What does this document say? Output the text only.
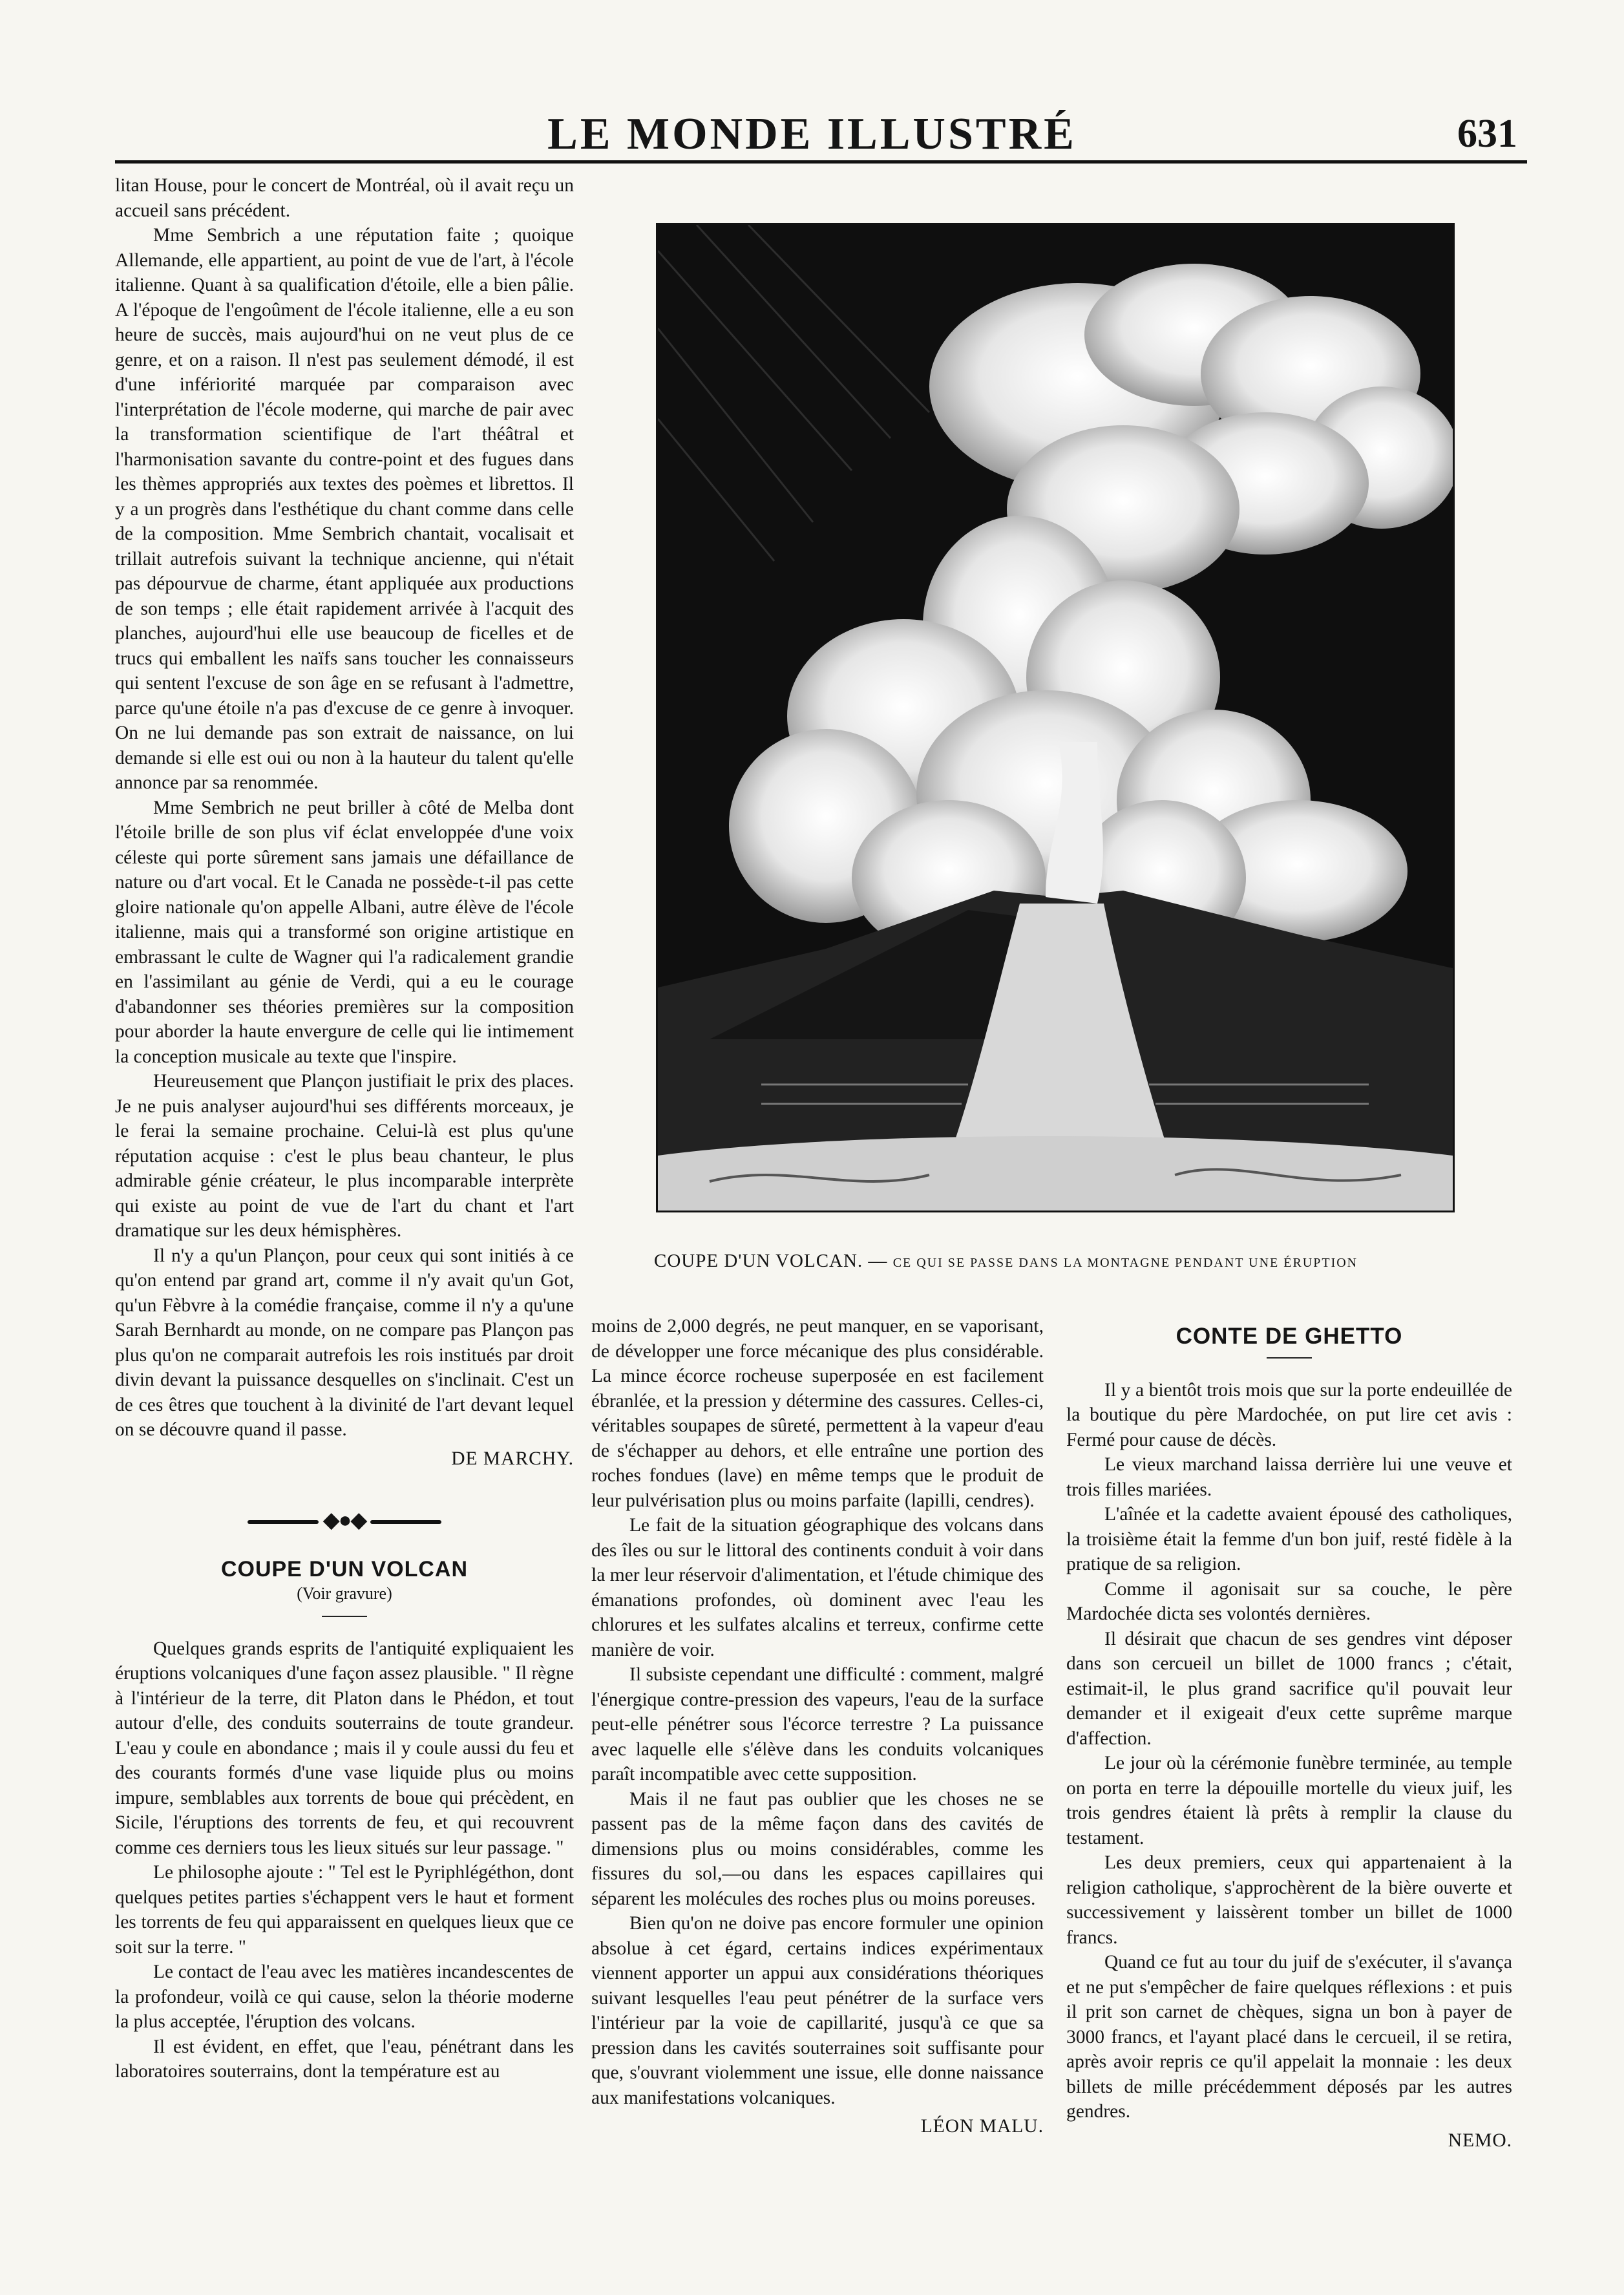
LE MONDE ILLUSTRÉ	631

litan House, pour le concert de Montréal, où il avait reçu un accueil sans précédent.

Mme Sembrich a une réputation faite ; quoique Allemande, elle appartient, au point de vue de l'art, à l'école italienne. Quant à sa qualification d'étoile, elle a bien pâlie. A l'époque de l'engoûment de l'école italienne, elle a eu son heure de succès, mais aujourd'hui on ne veut plus de ce genre, et on a raison. Il n'est pas seulement démodé, il est d'une infériorité marquée par comparaison avec l'interprétation de l'école moderne, qui marche de pair avec la transformation scientifique de l'art théâtral et l'harmonisation savante du contre-point et des fugues dans les thèmes appropriés aux textes des poèmes et librettos. Il y a un progrès dans l'esthétique du chant comme dans celle de la composition. Mme Sembrich chantait, vocalisait et trillait autrefois suivant la technique ancienne, qui n'était pas dépourvue de charme, étant appliquée aux productions de son temps ; elle était rapidement arrivée à l'acquit des planches, aujourd'hui elle use beaucoup de ficelles et de trucs qui emballent les naïfs sans toucher les connaisseurs qui sentent l'excuse de son âge en se refusant à l'admettre, parce qu'une étoile n'a pas d'excuse de ce genre à invoquer. On ne lui demande pas son extrait de naissance, on lui demande si elle est oui ou non à la hauteur du talent qu'elle annonce par sa renommée.

Mme Sembrich ne peut briller à côté de Melba dont l'étoile brille de son plus vif éclat enveloppée d'une voix céleste qui porte sûrement sans jamais une défaillance de nature ou d'art vocal. Et le Canada ne possède-t-il pas cette gloire nationale qu'on appelle Albani, autre élève de l'école italienne, mais qui a transformé son origine artistique en embrassant le culte de Wagner qui l'a radicalement grandie en l'assimilant au génie de Verdi, qui a eu le courage d'abandonner ses théories premières sur la composition pour aborder la haute envergure de celle qui lie intimement la conception musicale au texte que l'inspire.

Heureusement que Plançon justifiait le prix des places. Je ne puis analyser aujourd'hui ses différents morceaux, je le ferai la semaine prochaine. Celui-là est plus qu'une réputation acquise : c'est le plus beau chanteur, le plus admirable génie créateur, le plus incomparable interprète qui existe au point de vue de l'art du chant et l'art dramatique sur les deux hémisphères.

Il n'y a qu'un Plançon, pour ceux qui sont initiés à ce qu'on entend par grand art, comme il n'y avait qu'un Got, qu'un Fèbvre à la comédie française, comme il n'y a qu'une Sarah Bernhardt au monde, on ne compare pas Plançon pas plus qu'on ne comparait autrefois les rois institués par droit divin devant la puissance desquelles on s'inclinait. C'est un de ces êtres que touchent à la divinité de l'art devant lequel on se découvre quand il passe.

DE MARCHY.
◆●◆
COUPE D'UN VOLCAN
(Voir gravure)

Quelques grands esprits de l'antiquité expliquaient les éruptions volcaniques d'une façon assez plausible. " Il règne à l'intérieur de la terre, dit Platon dans le Phédon, et tout autour d'elle, des conduits souterrains de toute grandeur. L'eau y coule en abondance ; mais il y coule aussi du feu et des courants formés d'une vase liquide plus ou moins impure, semblables aux torrents de boue qui précèdent, en Sicile, l'éruptions des torrents de feu, et qui recouvrent comme ces derniers tous les lieux situés sur leur passage. "

Le philosophe ajoute : " Tel est le Pyriphlégéthon, dont quelques petites parties s'échappent vers le haut et forment les torrents de feu qui apparaissent en quelques lieux que ce soit sur la terre. "

Le contact de l'eau avec les matières incandescentes de la profondeur, voilà ce qui cause, selon la théorie moderne la plus acceptée, l'éruption des volcans.

Il est évident, en effet, que l'eau, pénétrant dans les laboratoires souterrains, dont la température est au

COUPE D'UN VOLCAN. — CE QUI SE PASSE DANS LA MONTAGNE PENDANT UNE ÉRUPTION

moins de 2,000 degrés, ne peut manquer, en se vaporisant, de développer une force mécanique des plus considérable. La mince écorce rocheuse superposée en est facilement ébranlée, et la pression y détermine des cassures. Celles-ci, véritables soupapes de sûreté, permettent à la vapeur d'eau de s'échapper au dehors, et elle entraîne une portion des roches fondues (lave) en même temps que le produit de leur pulvérisation plus ou moins parfaite (lapilli, cendres).

Le fait de la situation géographique des volcans dans des îles ou sur le littoral des continents conduit à voir dans la mer leur réservoir d'alimentation, et l'étude chimique des émanations profondes, où dominent avec l'eau les chlorures et les sulfates alcalins et terreux, confirme cette manière de voir.

Il subsiste cependant une difficulté : comment, malgré l'énergique contre-pression des vapeurs, l'eau de la surface peut-elle pénétrer sous l'écorce terrestre ? La puissance avec laquelle elle s'élève dans les conduits volcaniques paraît incompatible avec cette supposition.

Mais il ne faut pas oublier que les choses ne se passent pas de la même façon dans des cavités de dimensions plus ou moins considérables, comme les fissures du sol,—ou dans les espaces capillaires qui séparent les molécules des roches plus ou moins poreuses.

Bien qu'on ne doive pas encore formuler une opinion absolue à cet égard, certains indices expérimentaux viennent apporter un appui aux considérations théoriques suivant lesquelles l'eau peut pénétrer de la surface vers l'intérieur par la voie de capillarité, jusqu'à ce que sa pression dans les cavités souterraines soit suffisante pour que, s'ouvrant violemment une issue, elle donne naissance aux manifestations volcaniques.

LÉON MALU.
CONTE DE GHETTO

Il y a bientôt trois mois que sur la porte endeuillée de la boutique du père Mardochée, on put lire cet avis : Fermé pour cause de décès.

Le vieux marchand laissa derrière lui une veuve et trois filles mariées.

L'aînée et la cadette avaient épousé des catholiques, la troisième était la femme d'un bon juif, resté fidèle à la pratique de sa religion.

Comme il agonisait sur sa couche, le père Mardochée dicta ses volontés dernières.

Il désirait que chacun de ses gendres vint déposer dans son cercueil un billet de 1000 francs ; c'était, estimait-il, le plus grand sacrifice qu'il pouvait leur demander et il exigeait d'eux cette suprême marque d'affection.

Le jour où la cérémonie funèbre terminée, au temple on porta en terre la dépouille mortelle du vieux juif, les trois gendres étaient là prêts à remplir la clause du testament.

Les deux premiers, ceux qui appartenaient à la religion catholique, s'approchèrent de la bière ouverte et successivement y laissèrent tomber un billet de 1000 francs.

Quand ce fut au tour du juif de s'exécuter, il s'avança et ne put s'empêcher de faire quelques réflexions : et puis il prit son carnet de chèques, signa un bon à payer de 3000 francs, et l'ayant placé dans le cercueil, il se retira, après avoir repris ce qu'il appelait la monnaie : les deux billets de mille précédemment déposés par les autres gendres.

NEMO.
